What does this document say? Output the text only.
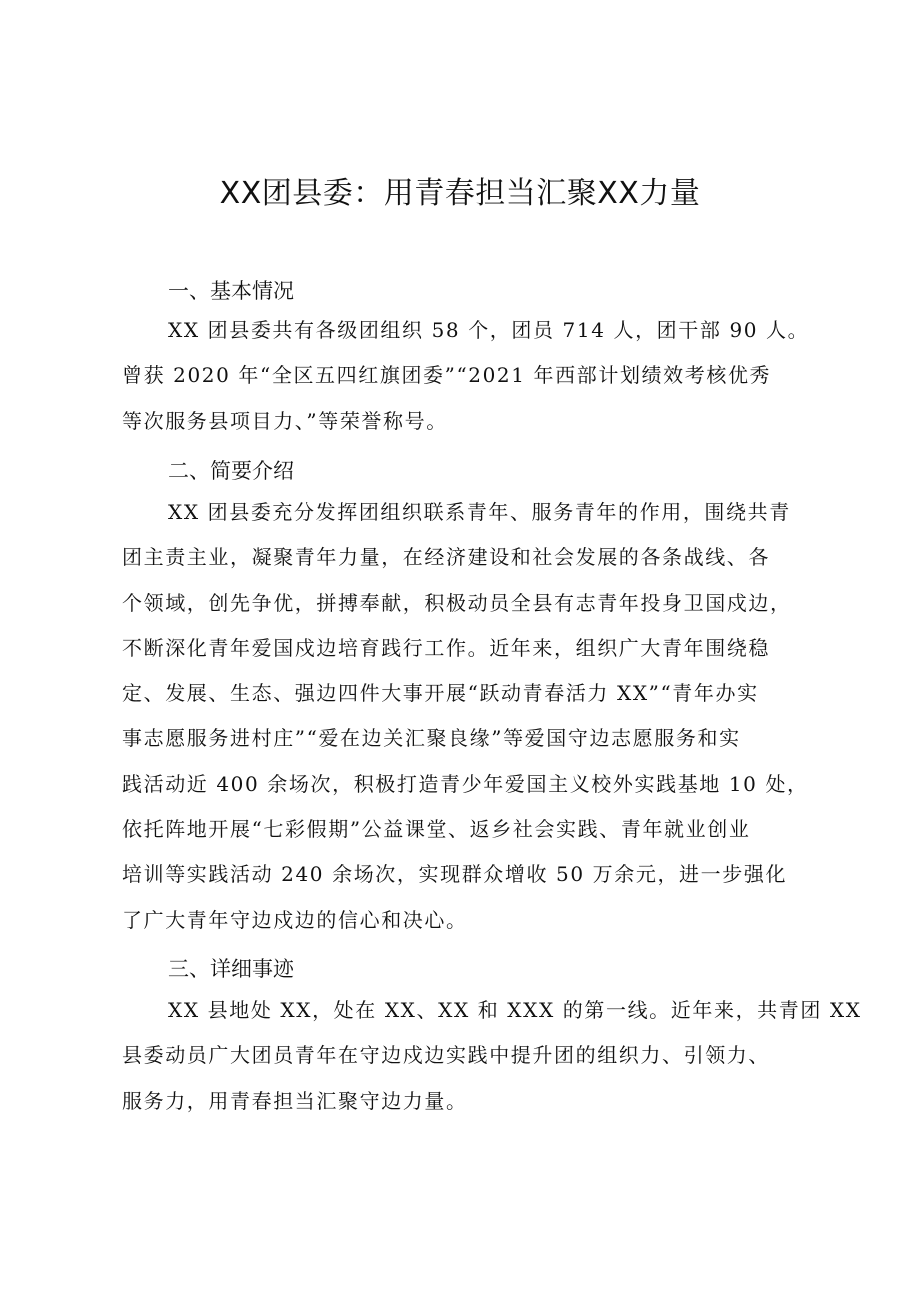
XX团县委：用青春担当汇聚XX力量
一、基本情况
XX 团县委共有各级团组织 58 个，团员 714 人，团干部 90 人。
曾获 2020 年“全区五四红旗团委”“2021 年西部计划绩效考核优秀
等次服务县项目力、”等荣誉称号。
二、简要介绍
XX 团县委充分发挥团组织联系青年、服务青年的作用，围绕共青
团主责主业，凝聚青年力量，在经济建设和社会发展的各条战线、各
个领域，创先争优，拼搏奉献，积极动员全县有志青年投身卫国戍边，
不断深化青年爱国戍边培育践行工作。近年来，组织广大青年围绕稳
定、发展、生态、强边四件大事开展“跃动青春活力 XX”“青年办实
事志愿服务进村庄”“爱在边关汇聚良缘”等爱国守边志愿服务和实
践活动近 400 余场次，积极打造青少年爱国主义校外实践基地 10 处，
依托阵地开展“七彩假期”公益课堂、返乡社会实践、青年就业创业
培训等实践活动 240 余场次，实现群众增收 50 万余元，进一步强化
了广大青年守边戍边的信心和决心。
三、详细事迹
XX 县地处 XX，处在 XX、XX 和 XXX 的第一线。近年来，共青团 XX
县委动员广大团员青年在守边戍边实践中提升团的组织力、引领力、
服务力，用青春担当汇聚守边力量。
